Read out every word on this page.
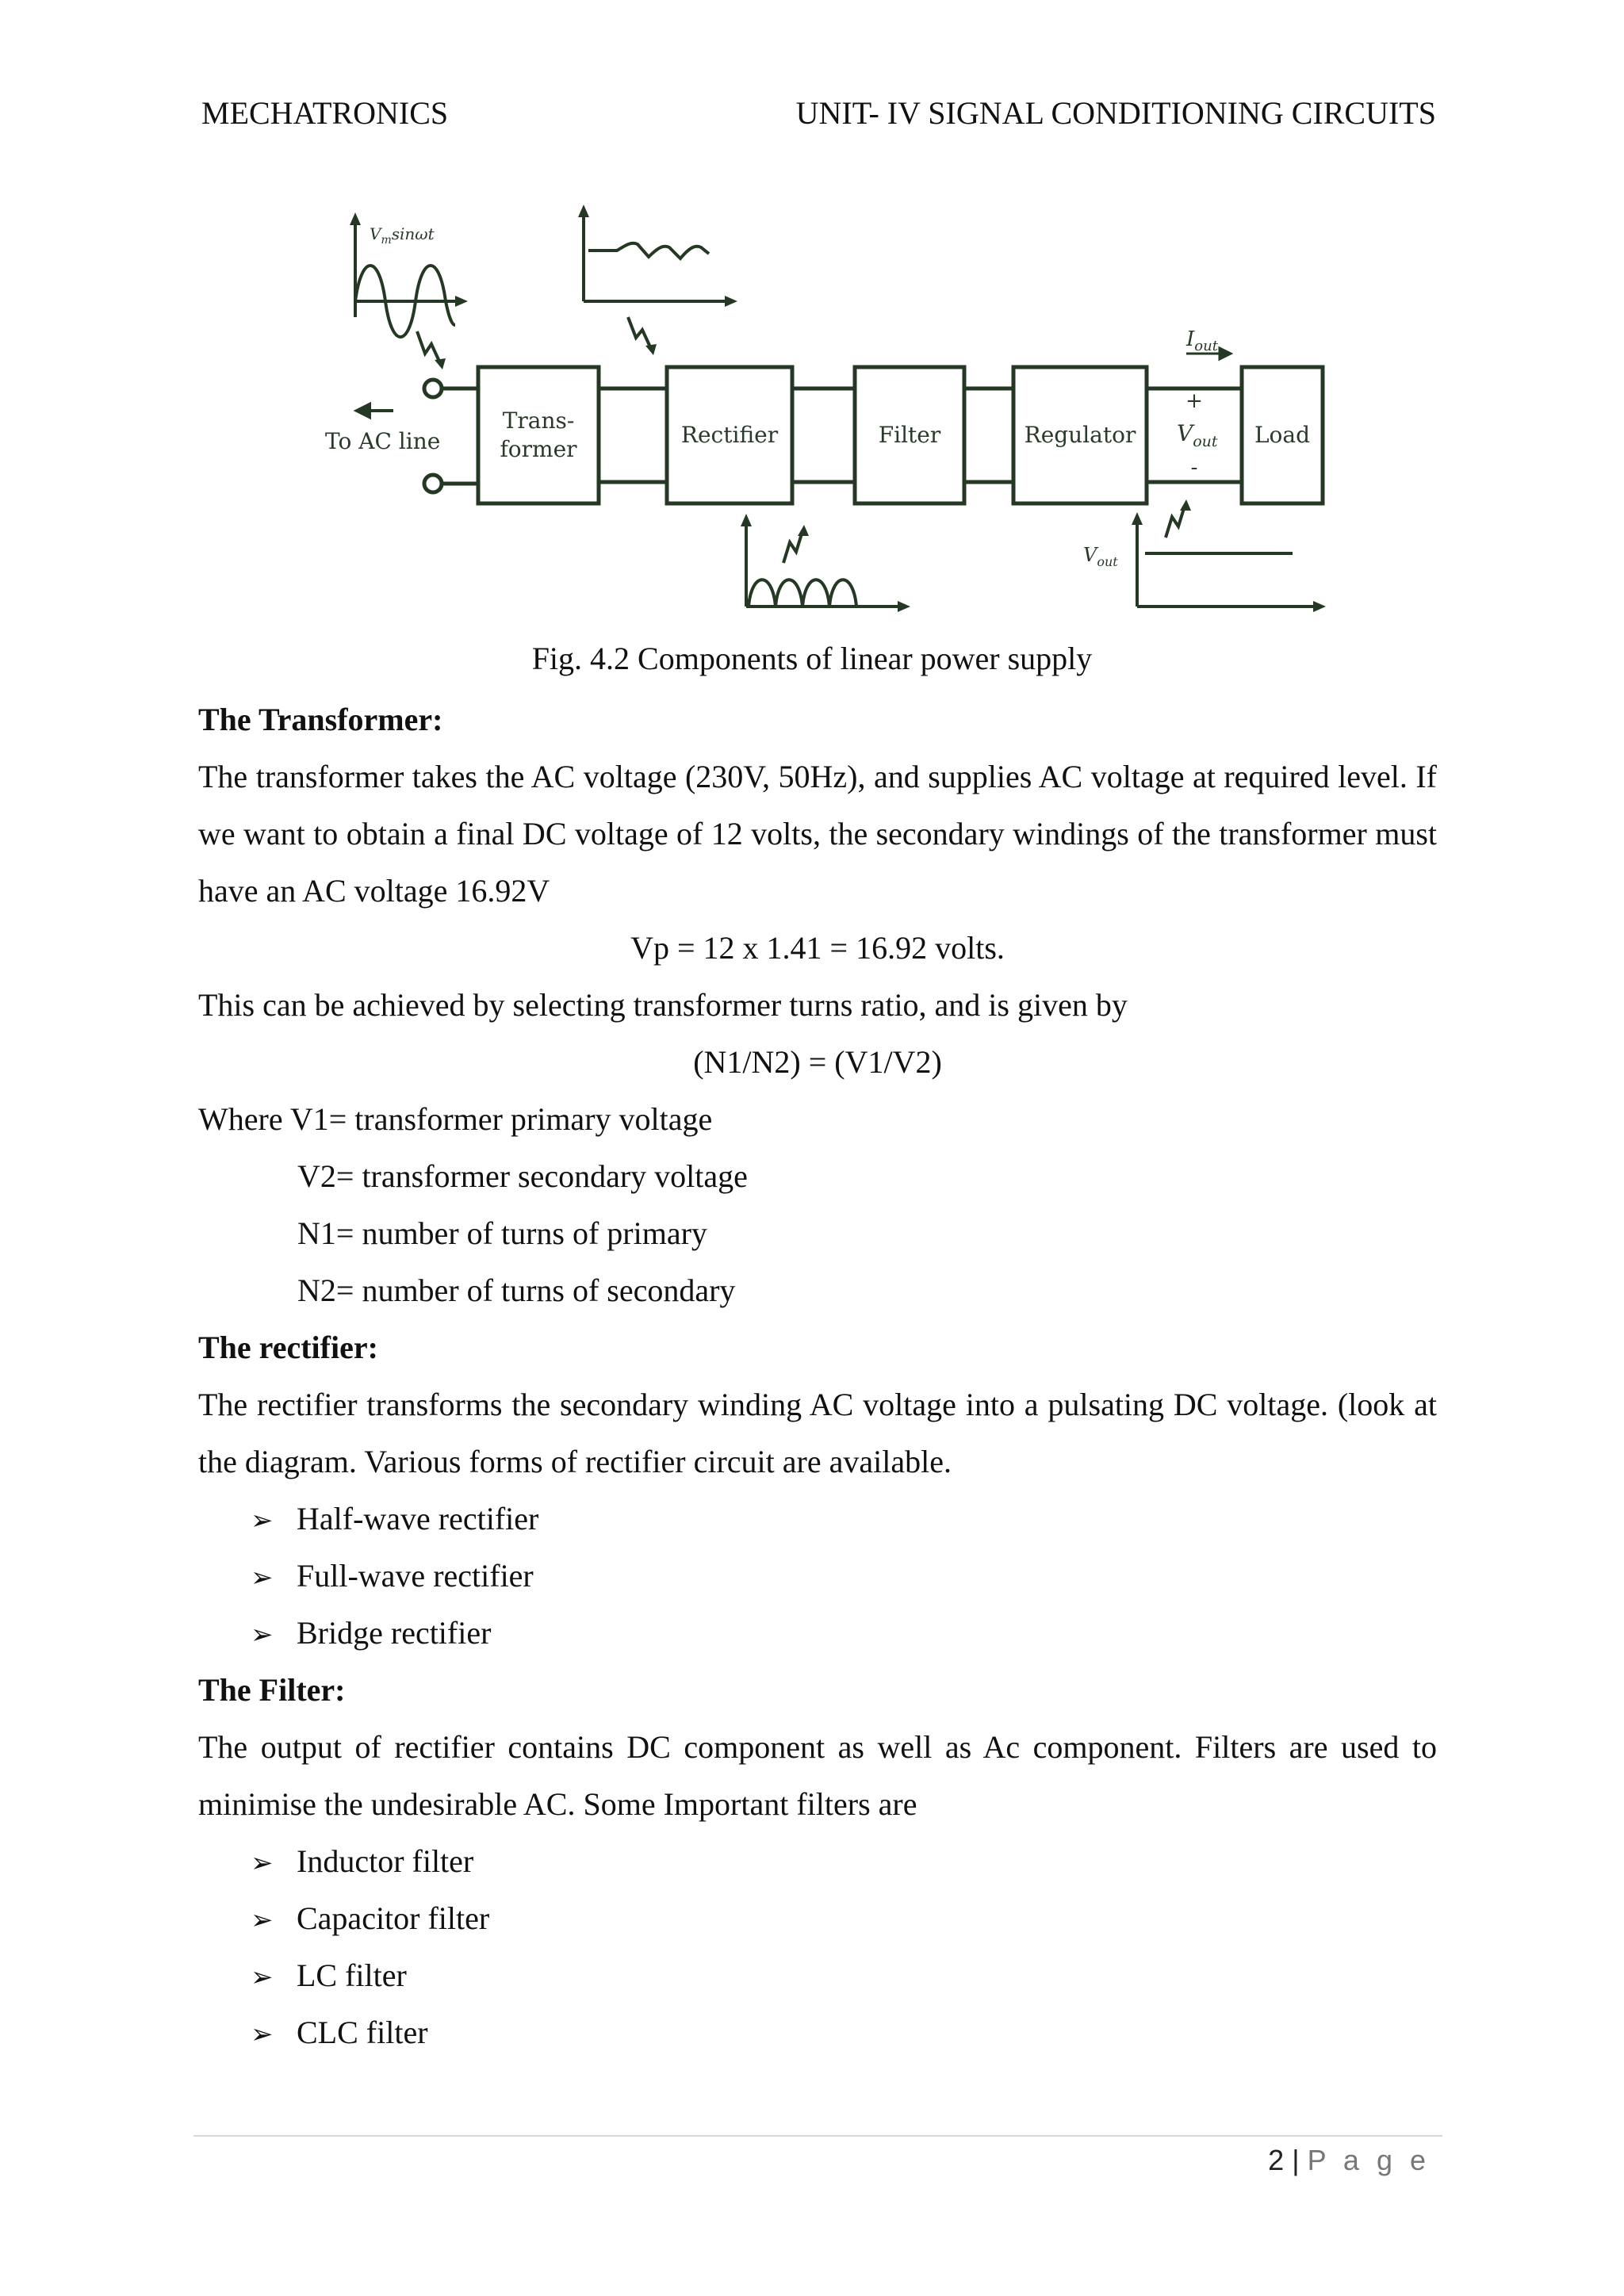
MECHATRONICS	UNIT- IV SIGNAL CONDITIONING CIRCUITS
To AC line
Trans-
former
Rectifier	Filter	Regulator	Load
$I_{out}$
+
$V_{out}$
-
$V_m\sin\omega t$
$V_{out}$
Fig. 4.2 Components of linear power supply
The Transformer:
The transformer takes the AC voltage (230V, 50Hz), and supplies AC voltage at required level. If we want to obtain a final DC voltage of 12 volts, the secondary windings of the transformer must have an AC voltage 16.92V
Vp = 12 x 1.41 = 16.92 volts.
This can be achieved by selecting transformer turns ratio, and is given by
(N1/N2) = (V1/V2)
Where V1= transformer primary voltage
V2= transformer secondary voltage
N1= number of turns of primary
N2= number of turns of secondary
The rectifier:
The rectifier transforms the secondary winding AC voltage into a pulsating DC voltage. (look at the diagram. Various forms of rectifier circuit are available.
➢ Half-wave rectifier
➢ Full-wave rectifier
➢ Bridge rectifier
The Filter:
The output of rectifier contains DC component as well as Ac component. Filters are used to minimise the undesirable AC. Some Important filters are
➢ Inductor filter
➢ Capacitor filter
➢ LC filter
➢ CLC filter
2 | P a g e
